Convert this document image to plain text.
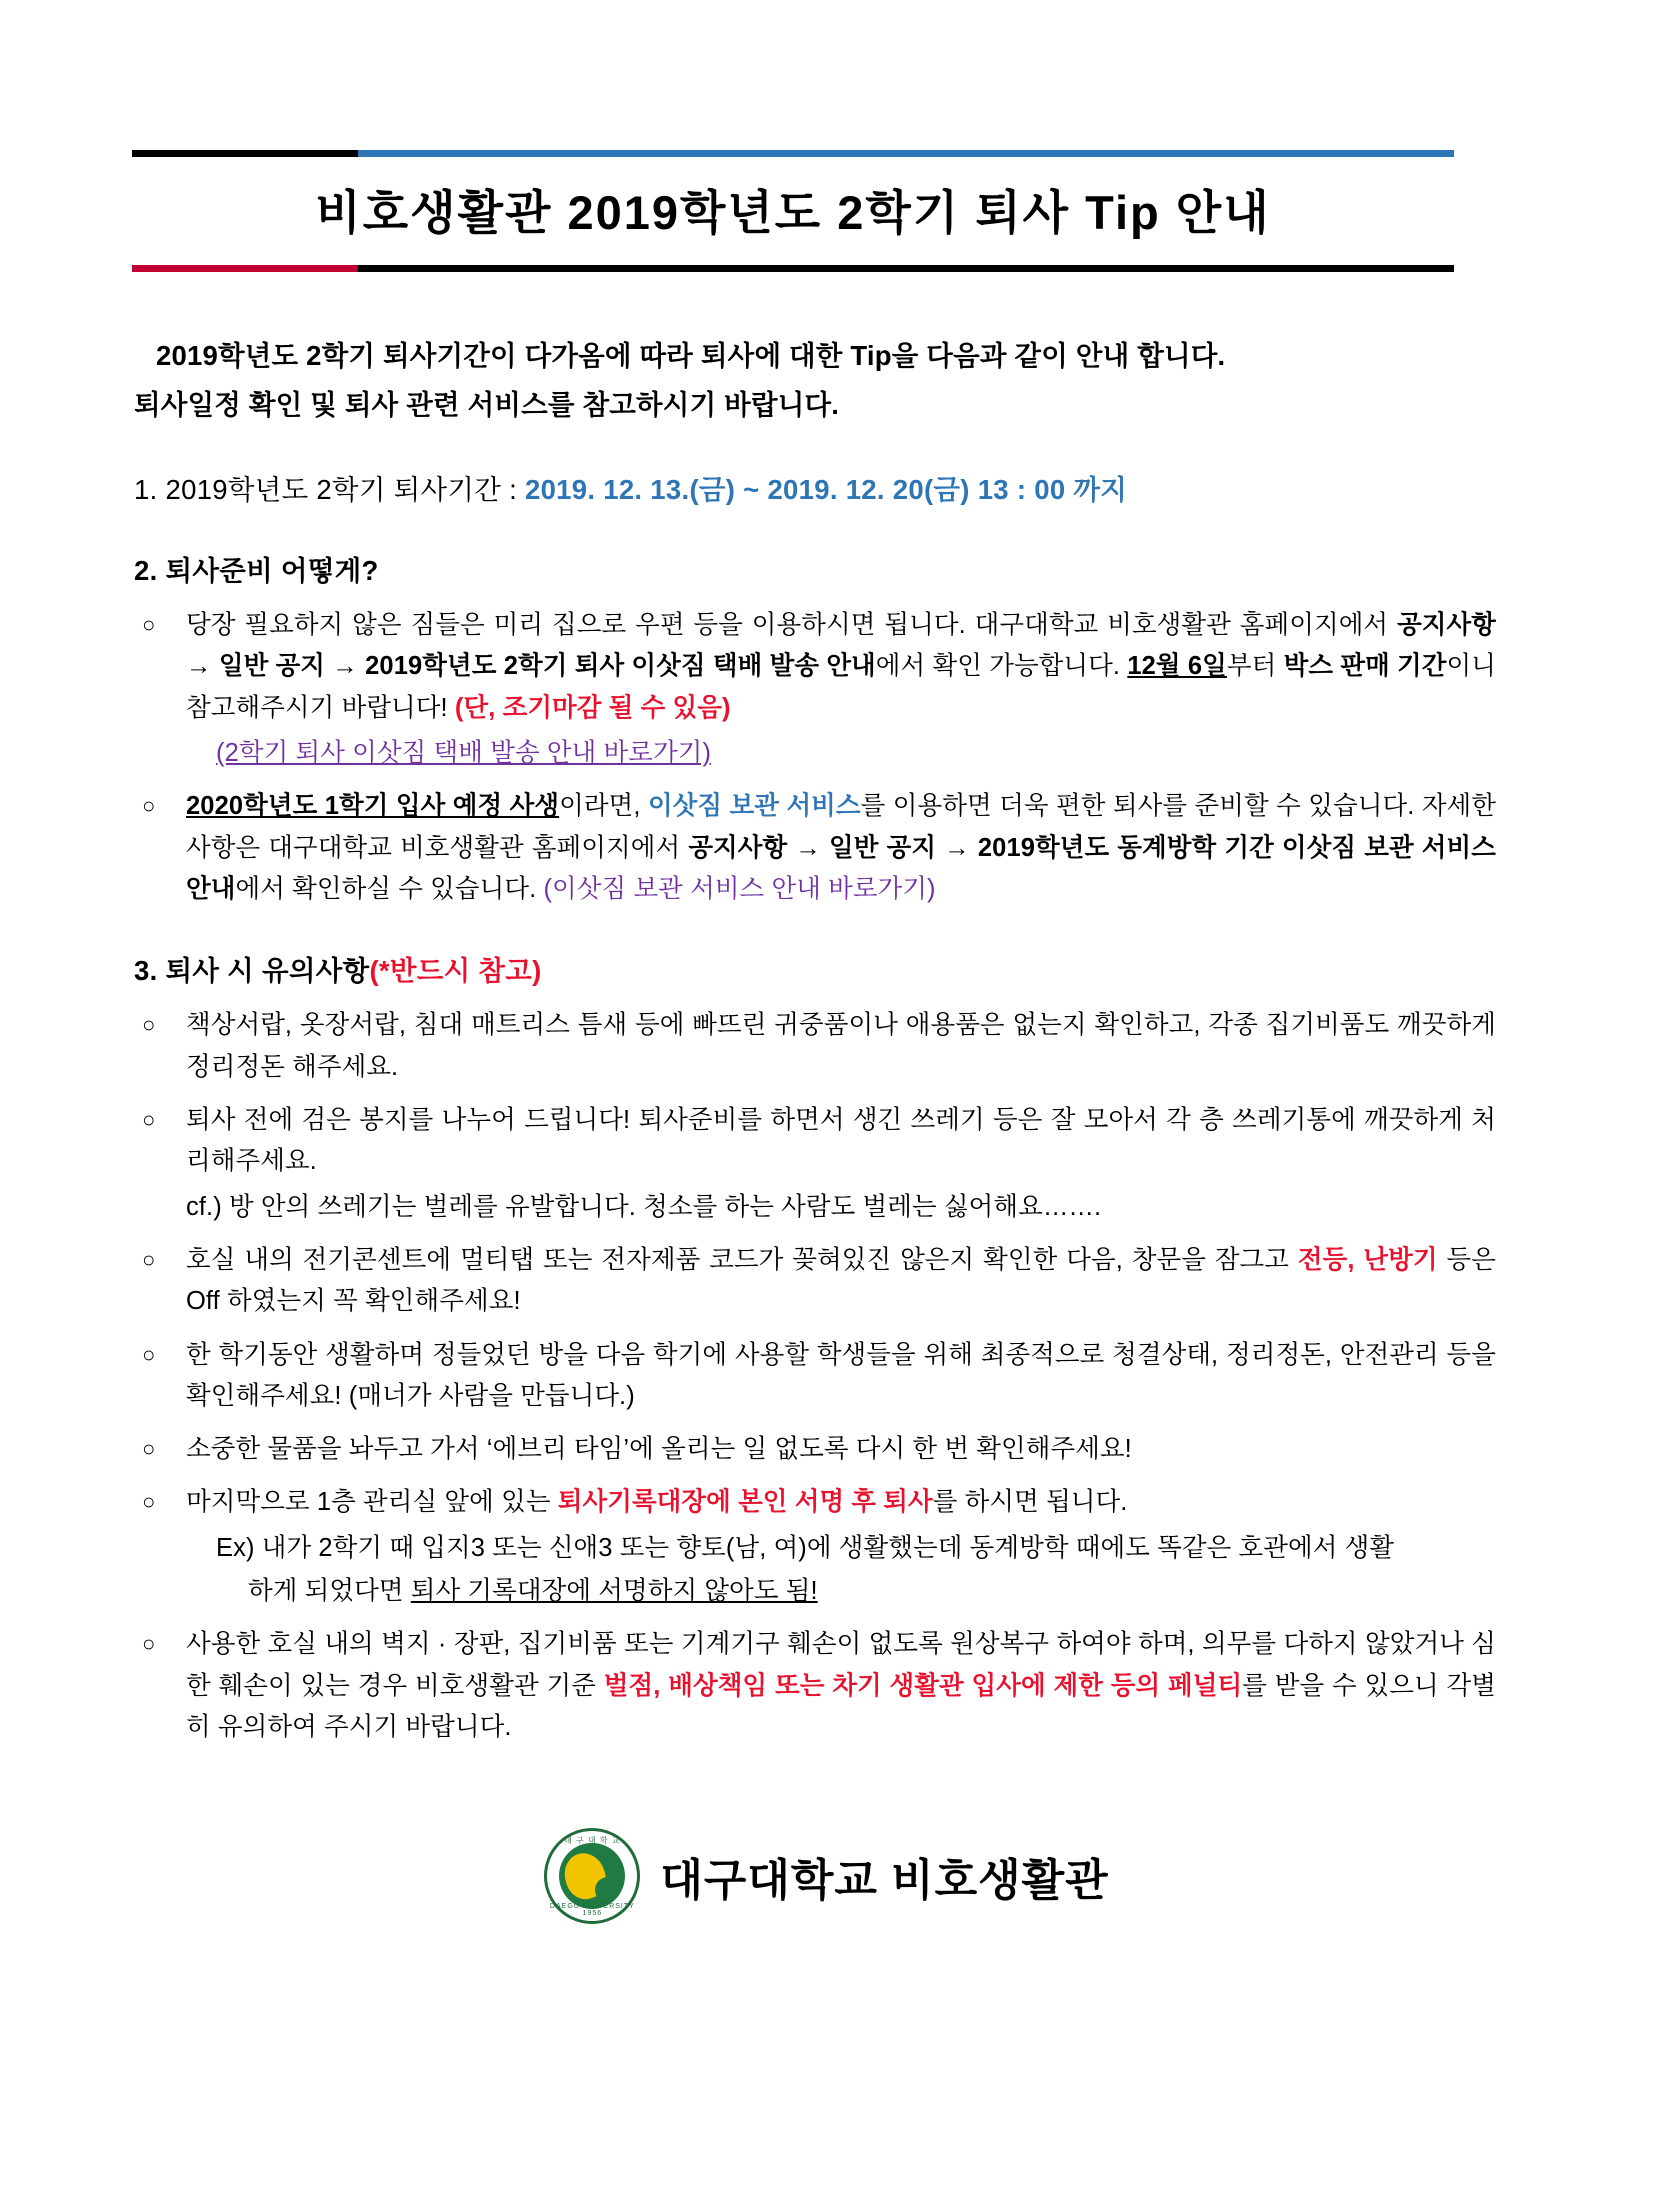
비호생활관 2019학년도 2학기 퇴사 Tip 안내
2019학년도 2학기 퇴사기간이 다가옴에 따라 퇴사에 대한 Tip을 다음과 같이 안내 합니다.
퇴사일정 확인 및 퇴사 관련 서비스를 참고하시기 바랍니다.
1. 2019학년도 2학기 퇴사기간 : 2019. 12. 13.(금) ~ 2019. 12. 20(금) 13 : 00 까지
2. 퇴사준비 어떻게?
○ 당장 필요하지 않은 짐들은 미리 집으로 우편 등을 이용하시면 됩니다. 대구대학교 비호생활관 홈페이지에서 공지사항 → 일반 공지 → 2019학년도 2학기 퇴사 이삿짐 택배 발송 안내에서 확인 가능합니다. 12월 6일부터 박스 판매 기간이니 참고해주시기 바랍니다! (단, 조기마감 될 수 있음)
(2학기 퇴사 이삿짐 택배 발송 안내 바로가기)
○ 2020학년도 1학기 입사 예정 사생이라면, 이삿짐 보관 서비스를 이용하면 더욱 편한 퇴사를 준비할 수 있습니다. 자세한 사항은 대구대학교 비호생활관 홈페이지에서 공지사항 → 일반 공지 → 2019학년도 동계방학 기간 이삿짐 보관 서비스 안내에서 확인하실 수 있습니다. (이삿짐 보관 서비스 안내 바로가기)
3. 퇴사 시 유의사항(*반드시 참고)
○ 책상서랍, 옷장서랍, 침대 매트리스 틈새 등에 빠뜨린 귀중품이나 애용품은 없는지 확인하고, 각종 집기비품도 깨끗하게 정리정돈 해주세요.
○ 퇴사 전에 검은 봉지를 나누어 드립니다! 퇴사준비를 하면서 생긴 쓰레기 등은 잘 모아서 각 층 쓰레기통에 깨끗하게 처리해주세요.
cf.) 방 안의 쓰레기는 벌레를 유발합니다. 청소를 하는 사람도 벌레는 싫어해요…….
○ 호실 내의 전기콘센트에 멀티탭 또는 전자제품 코드가 꽂혀있진 않은지 확인한 다음, 창문을 잠그고 전등, 난방기 등은 Off 하였는지 꼭 확인해주세요!
○ 한 학기동안 생활하며 정들었던 방을 다음 학기에 사용할 학생들을 위해 최종적으로 청결상태, 정리정돈, 안전관리 등을 확인해주세요! (매너가 사람을 만듭니다.)
○ 소중한 물품을 놔두고 가서 ‘에브리 타임’에 올리는 일 없도록 다시 한 번 확인해주세요!
○ 마지막으로 1층 관리실 앞에 있는 퇴사기록대장에 본인 서명 후 퇴사를 하시면 됩니다.
Ex) 내가 2학기 때 입지3 또는 신애3 또는 향토(남, 여)에 생활했는데 동계방학 때에도 똑같은 호관에서 생활
하게 되었다면 퇴사 기록대장에 서명하지 않아도 됨!
○ 사용한 호실 내의 벽지 · 장판, 집기비품 또는 기계기구 훼손이 없도록 원상복구 하여야 하며, 의무를 다하지 않았거나 심한 훼손이 있는 경우 비호생활관 기준 벌점, 배상책임 또는 차기 생활관 입사에 제한 등의 페널티를 받을 수 있으니 각별히 유의하여 주시기 바랍니다.
대 구 대 학 교
DAEGU UNIVERSITY 1956
대구대학교 비호생활관
